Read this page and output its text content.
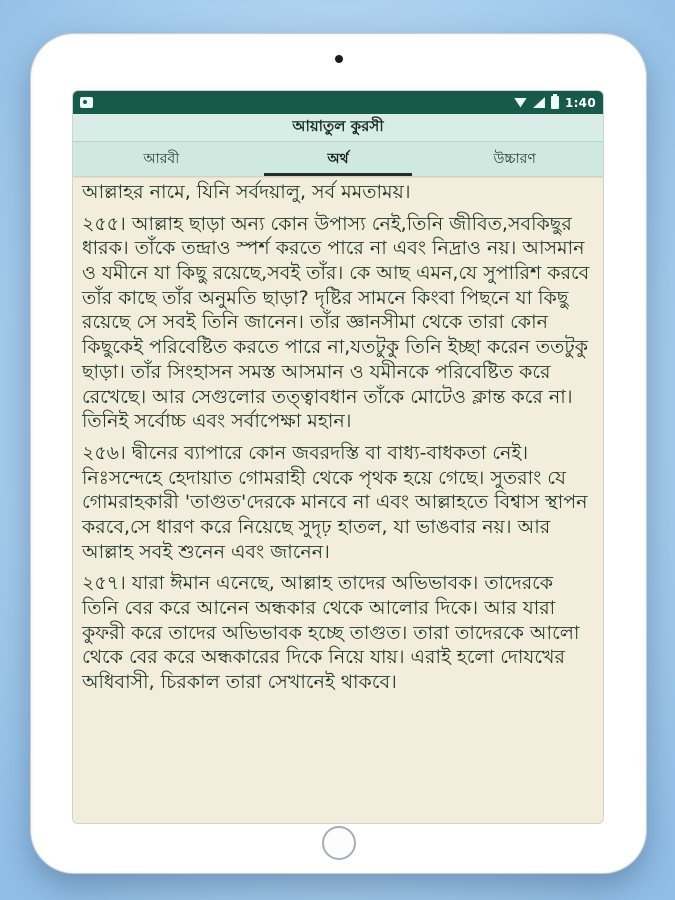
1:40
আয়াতুল কুরসী
আরবী	অর্থ	উচ্চারণ

আল্লাহর নামে, যিনি সর্বদয়ালু, সর্ব মমতাময়।

২৫৫। আল্লাহ ছাড়া অন্য কোন উপাস্য নেই,তিনি জীবিত,সবকিছুর ধারক। তাঁকে তন্দ্রাও স্পর্শ করতে পারে না এবং নিদ্রাও নয়। আসমান ও যমীনে যা কিছু রয়েছে,সবই তাঁর। কে আছ এমন,যে সুপারিশ করবে তাঁর কাছে তাঁর অনুমতি ছাড়া? দৃষ্টির সামনে কিংবা পিছনে যা কিছু রয়েছে সে সবই তিনি জানেন। তাঁর জ্ঞানসীমা থেকে তারা কোন কিছুকেই পরিবেষ্টিত করতে পারে না,যতটুকু তিনি ইচ্ছা করেন ততটুকু ছাড়া। তাঁর সিংহাসন সমস্ত আসমান ও যমীনকে পরিবেষ্টিত করে রেখেছে। আর সেগুলোর তত্ত্বাবধান তাঁকে মোটেও ক্লান্ত করে না। তিনিই সর্বোচ্চ এবং সর্বাপেক্ষা মহান।

২৫৬। দ্বীনের ব্যাপারে কোন জবরদস্তি বা বাধ্য-বাধকতা নেই। নিঃসন্দেহে হেদায়াত গোমরাহী থেকে পৃথক হয়ে গেছে। সুতরাং যে গোমরাহকারী 'তাগুত'দেরকে মানবে না এবং আল্লাহতে বিশ্বাস স্থাপন করবে,সে ধারণ করে নিয়েছে সুদৃঢ় হাতল, যা ভাঙবার নয়। আর আল্লাহ সবই শুনেন এবং জানেন।

২৫৭। যারা ঈমান এনেছে, আল্লাহ তাদের অভিভাবক। তাদেরকে তিনি বের করে আনেন অন্ধকার থেকে আলোর দিকে। আর যারা কুফরী করে তাদের অভিভাবক হচ্ছে তাগুত। তারা তাদেরকে আলো থেকে বের করে অন্ধকারের দিকে নিয়ে যায়। এরাই হলো দোযখের অধিবাসী, চিরকাল তারা সেখানেই থাকবে।
